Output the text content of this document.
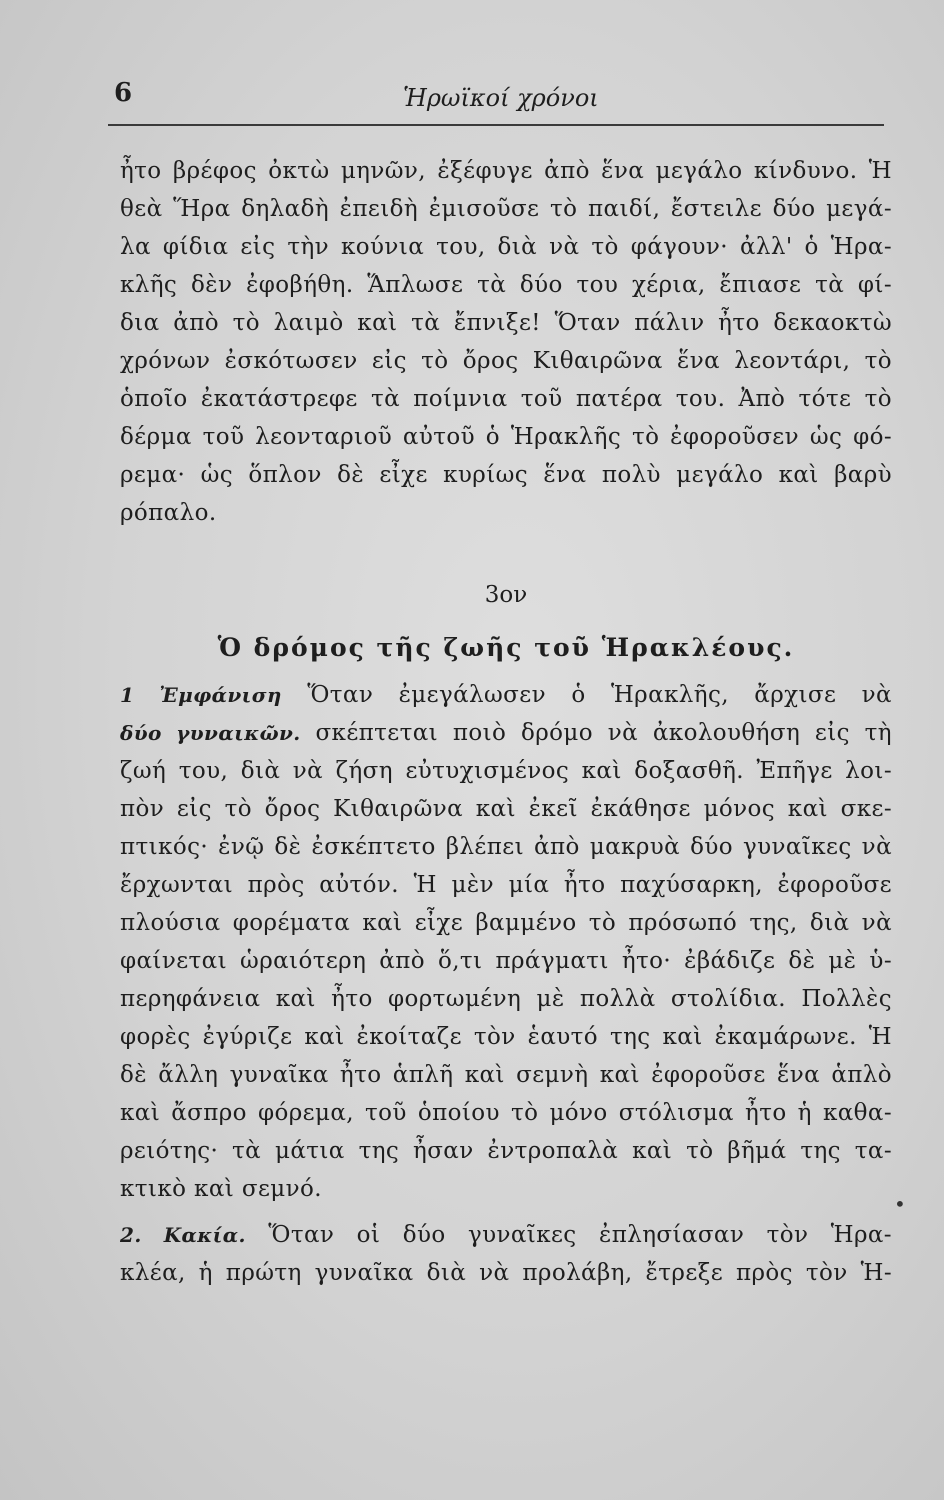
6	Ἡρωϊκοί χρόνοι
ἦτο βρέφος ὀκτὼ μηνῶν, ἐξέφυγε ἀπὸ ἕνα μεγάλο κίνδυνο. Ἡ
θεὰ Ἥρα δηλαδὴ ἐπειδὴ ἐμισοῦσε τὸ παιδί, ἔστειλε δύο μεγά-
λα φίδια εἰς τὴν κούνια του, διὰ νὰ τὸ φάγουν· ἀλλ' ὁ Ἡρα-
κλῆς δὲν ἐφοβήθη. Ἅπλωσε τὰ δύο του χέρια, ἔπιασε τὰ φί-
δια ἀπὸ τὸ λαιμὸ καὶ τὰ ἔπνιξε! Ὅταν πάλιν ἦτο δεκαοκτὼ
χρόνων ἐσκότωσεν εἰς τὸ ὄρος Κιθαιρῶνα ἕνα λεοντάρι, τὸ
ὁποῖο ἐκατάστρεφε τὰ ποίμνια τοῦ πατέρα του. Ἀπὸ τότε τὸ
δέρμα τοῦ λεονταριοῦ αὐτοῦ ὁ Ἡρακλῆς τὸ ἐφοροῦσεν ὡς φό-
ρεμα· ὡς ὅπλον δὲ εἶχε κυρίως ἕνα πολὺ μεγάλο καὶ βαρὺ
ρόπαλο.
3ον
Ὁ δρόμος τῆς ζωῆς τοῦ Ἡρακλέους.
1 Ἐμφάνιση Ὅταν ἐμεγάλωσεν ὁ Ἡρακλῆς, ἄρχισε νὰ
δύο γυναικῶν. σκέπτεται ποιὸ δρόμο νὰ ἀκολουθήση εἰς τὴ
ζωή του, διὰ νὰ ζήση εὐτυχισμένος καὶ δοξασθῆ. Ἐπῆγε λοι-
πὸν εἰς τὸ ὄρος Κιθαιρῶνα καὶ ἐκεῖ ἐκάθησε μόνος καὶ σκε-
πτικός· ἐνῷ δὲ ἐσκέπτετο βλέπει ἀπὸ μακρυὰ δύο γυναῖκες νὰ
ἔρχωνται πρὸς αὐτόν. Ἡ μὲν μία ἦτο παχύσαρκη, ἐφοροῦσε
πλούσια φορέματα καὶ εἶχε βαμμένο τὸ πρόσωπό της, διὰ νὰ
φαίνεται ὡραιότερη ἀπὸ ὅ,τι πράγματι ἦτο· ἐβάδιζε δὲ μὲ ὑ-
περηφάνεια καὶ ἦτο φορτωμένη μὲ πολλὰ στολίδια. Πολλὲς
φορὲς ἐγύριζε καὶ ἐκοίταζε τὸν ἑαυτό της καὶ ἐκαμάρωνε. Ἡ
δὲ ἄλλη γυναῖκα ἦτο ἁπλῆ καὶ σεμνὴ καὶ ἐφοροῦσε ἕνα ἁπλὸ
καὶ ἄσπρο φόρεμα, τοῦ ὁποίου τὸ μόνο στόλισμα ἦτο ἡ καθα-
ρειότης· τὰ μάτια της ἦσαν ἐντροπαλὰ καὶ τὸ βῆμά της τα-
κτικὸ καὶ σεμνό.
2. Κακία. Ὅταν οἱ δύο γυναῖκες ἐπλησίασαν τὸν Ἡρα-
κλέα, ἡ πρώτη γυναῖκα διὰ νὰ προλάβη, ἔτρεξε πρὸς τὸν Ἡ-
•
